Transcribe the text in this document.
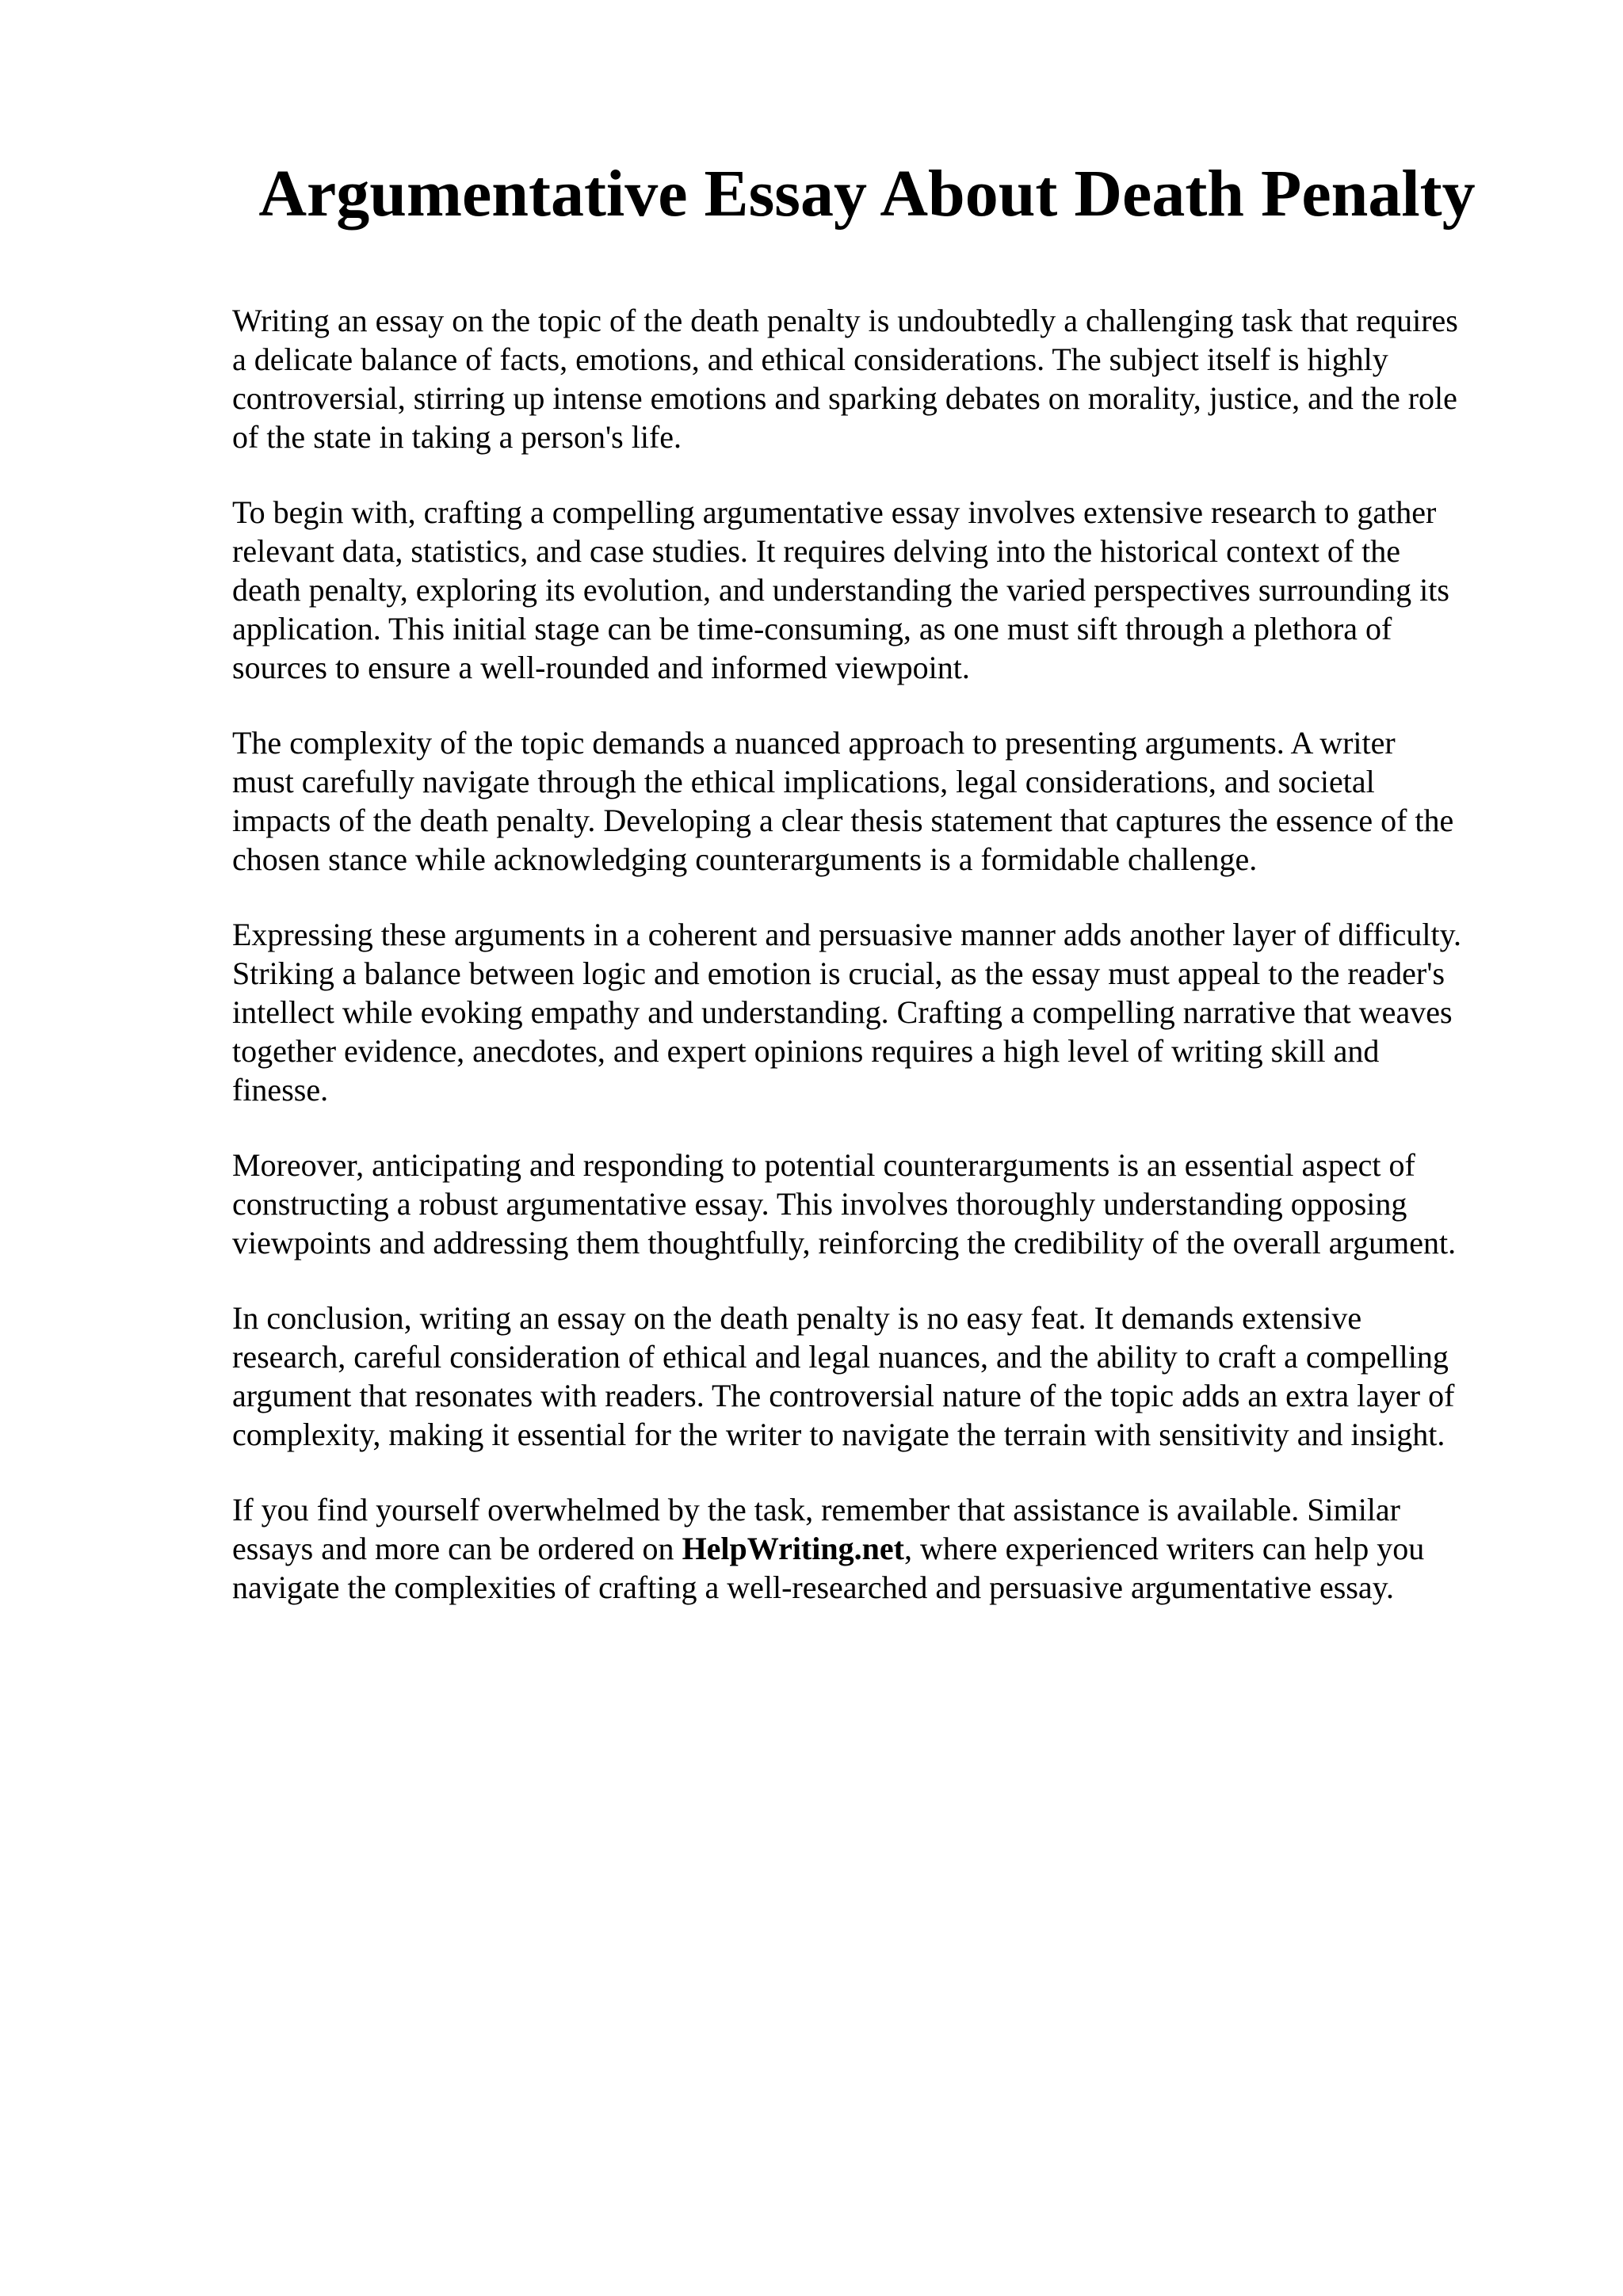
Argumentative Essay About Death Penalty

Writing an essay on the topic of the death penalty is undoubtedly a challenging task that requires
a delicate balance of facts, emotions, and ethical considerations. The subject itself is highly
controversial, stirring up intense emotions and sparking debates on morality, justice, and the role
of the state in taking a person's life.

To begin with, crafting a compelling argumentative essay involves extensive research to gather
relevant data, statistics, and case studies. It requires delving into the historical context of the
death penalty, exploring its evolution, and understanding the varied perspectives surrounding its
application. This initial stage can be time-consuming, as one must sift through a plethora of
sources to ensure a well-rounded and informed viewpoint.

The complexity of the topic demands a nuanced approach to presenting arguments. A writer
must carefully navigate through the ethical implications, legal considerations, and societal
impacts of the death penalty. Developing a clear thesis statement that captures the essence of the
chosen stance while acknowledging counterarguments is a formidable challenge.

Expressing these arguments in a coherent and persuasive manner adds another layer of difficulty.
Striking a balance between logic and emotion is crucial, as the essay must appeal to the reader's
intellect while evoking empathy and understanding. Crafting a compelling narrative that weaves
together evidence, anecdotes, and expert opinions requires a high level of writing skill and
finesse.

Moreover, anticipating and responding to potential counterarguments is an essential aspect of
constructing a robust argumentative essay. This involves thoroughly understanding opposing
viewpoints and addressing them thoughtfully, reinforcing the credibility of the overall argument.

In conclusion, writing an essay on the death penalty is no easy feat. It demands extensive
research, careful consideration of ethical and legal nuances, and the ability to craft a compelling
argument that resonates with readers. The controversial nature of the topic adds an extra layer of
complexity, making it essential for the writer to navigate the terrain with sensitivity and insight.

If you find yourself overwhelmed by the task, remember that assistance is available. Similar
essays and more can be ordered on HelpWriting.net, where experienced writers can help you
navigate the complexities of crafting a well-researched and persuasive argumentative essay.
